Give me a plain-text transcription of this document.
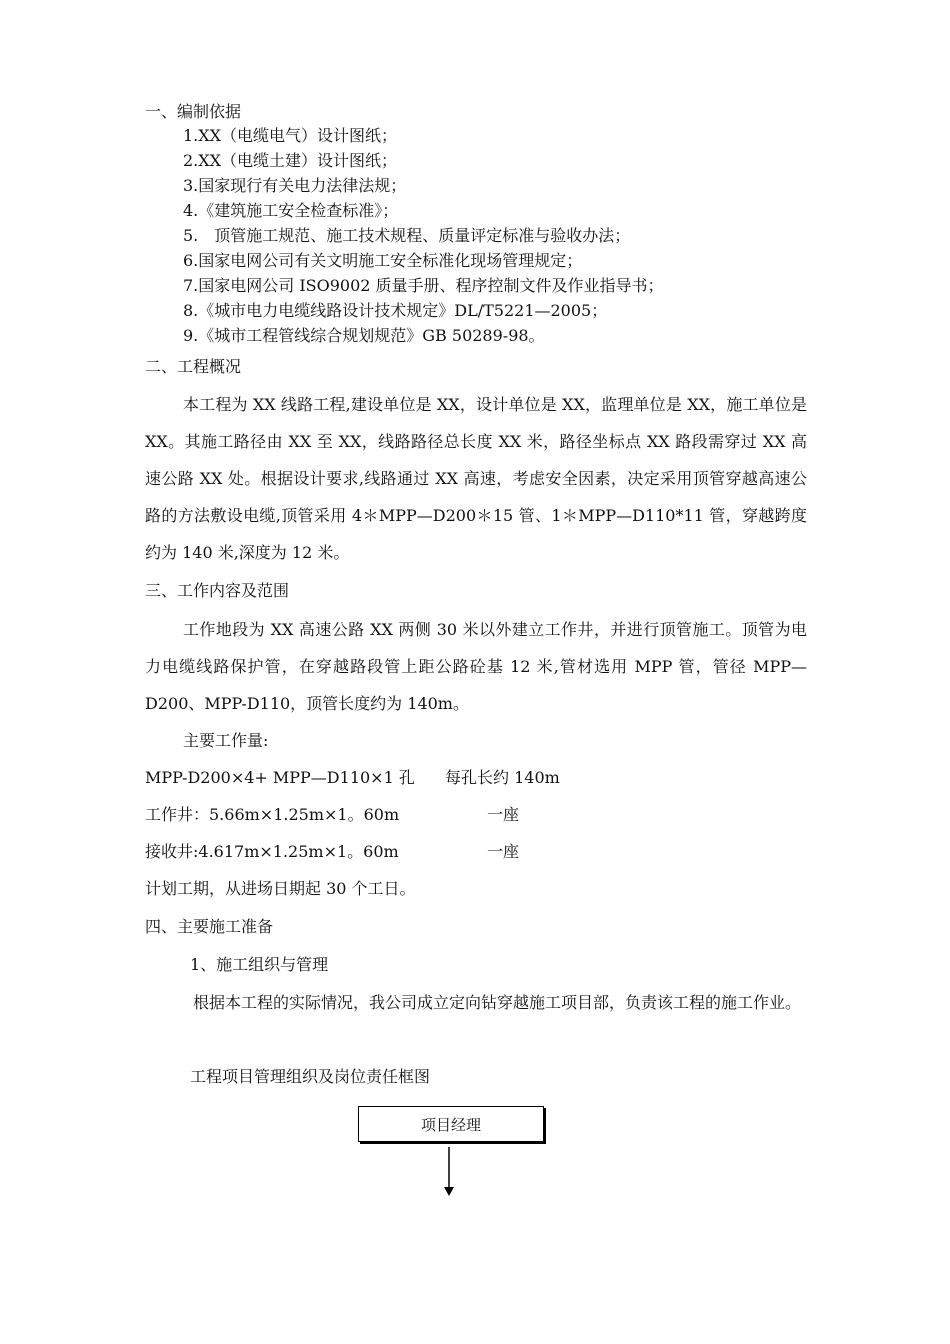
一、编制依据
1.XX（电缆电气）设计图纸；
2.XX（电缆土建）设计图纸；
3.国家现行有关电力法律法规；
4.《建筑施工安全检查标准》；
5.　顶管施工规范、施工技术规程、质量评定标准与验收办法；
6.国家电网公司有关文明施工安全标准化现场管理规定；
7.国家电网公司 ISO9002 质量手册、程序控制文件及作业指导书；
8.《城市电力电缆线路设计技术规定》DL/T5221—2005；
9.《城市工程管线综合规划规范》GB 50289-98。
二、工程概况
本工程为 XX 线路工程,建设单位是 XX，设计单位是 XX，监理单位是 XX，施工单位是 XX。其施工路径由 XX 至 XX，线路路径总长度 XX 米，路径坐标点 XX 路段需穿过 XX 高速公路 XX 处。根据设计要求,线路通过 XX 高速，考虑安全因素，决定采用顶管穿越高速公路的方法敷设电缆,顶管采用 4＊MPP—D200＊15 管、1＊MPP—D110*11 管，穿越跨度约为 140 米,深度为 12 米。
三、工作内容及范围
工作地段为 XX 高速公路 XX 两侧 30 米以外建立工作井，并进行顶管施工。顶管为电力电缆线路保护管，在穿越路段管上距公路砼基 12 米,管材选用 MPP 管，管径 MPP—D200、MPP-D110，顶管长度约为 140m。
主要工作量:
MPP-D200×4+ MPP—D110×1 孔 每孔长约 140m
工作井：5.66m×1.25m×1。60m	一座
接收井:4.617m×1.25m×1。60m	一座
计划工期，从进场日期起 30 个工日。
四、主要施工准备
1、施工组织与管理
根据本工程的实际情况，我公司成立定向钻穿越施工项目部，负责该工程的施工作业。
工程项目管理组织及岗位责任框图
项目经理
